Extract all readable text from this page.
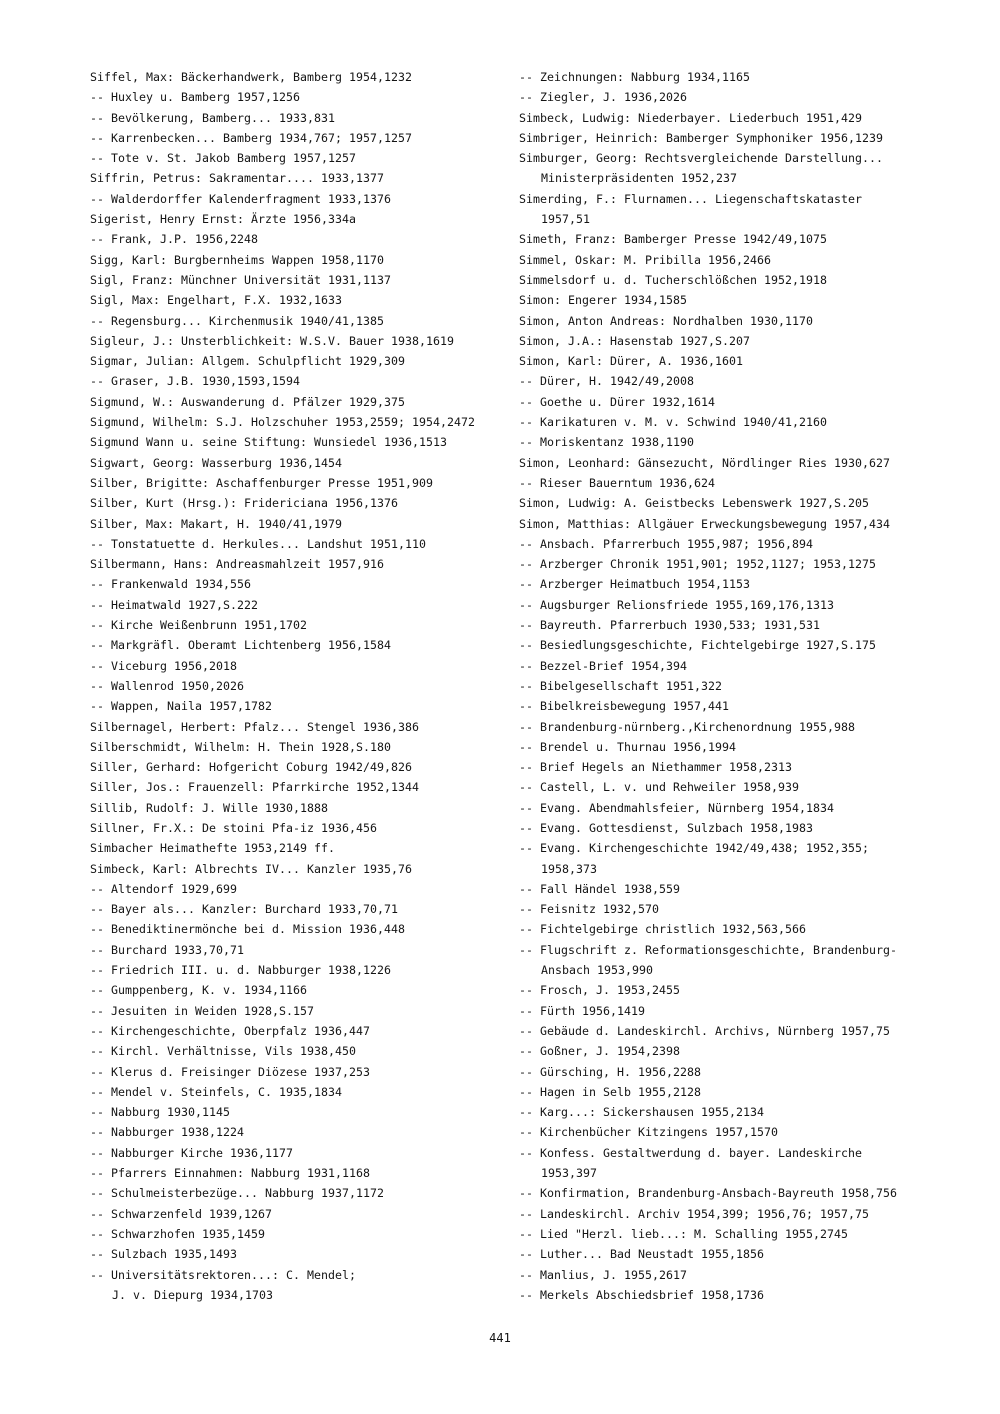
Siffel, Max: Bäckerhandwerk, Bamberg 1954,1232
-- Huxley u. Bamberg 1957,1256
-- Bevölkerung, Bamberg... 1933,831
-- Karrenbecken... Bamberg 1934,767; 1957,1257
-- Tote v. St. Jakob Bamberg 1957,1257
Siffrin, Petrus: Sakramentar.... 1933,1377
-- Walderdorffer Kalenderfragment 1933,1376
Sigerist, Henry Ernst: Ärzte 1956,334a
-- Frank, J.P. 1956,2248
Sigg, Karl: Burgbernheims Wappen 1958,1170
Sigl, Franz: Münchner Universität 1931,1137
Sigl, Max: Engelhart, F.X. 1932,1633
-- Regensburg... Kirchenmusik 1940/41,1385
Sigleur, J.: Unsterblichkeit: W.S.V. Bauer 1938,1619
Sigmar, Julian: Allgem. Schulpflicht 1929,309
-- Graser, J.B. 1930,1593,1594
Sigmund, W.: Auswanderung d. Pfälzer 1929,375
Sigmund, Wilhelm: S.J. Holzschuher 1953,2559; 1954,2472
Sigmund Wann u. seine Stiftung: Wunsiedel 1936,1513
Sigwart, Georg: Wasserburg 1936,1454
Silber, Brigitte: Aschaffenburger Presse 1951,909
Silber, Kurt (Hrsg.): Fridericiana 1956,1376
Silber, Max: Makart, H. 1940/41,1979
-- Tonstatuette d. Herkules... Landshut 1951,110
Silbermann, Hans: Andreasmahlzeit 1957,916
-- Frankenwald 1934,556
-- Heimatwald 1927,S.222
-- Kirche Weißenbrunn 1951,1702
-- Markgräfl. Oberamt Lichtenberg 1956,1584
-- Viceburg 1956,2018
-- Wallenrod 1950,2026
-- Wappen, Naila 1957,1782
Silbernagel, Herbert: Pfalz... Stengel 1936,386
Silberschmidt, Wilhelm: H. Thein 1928,S.180
Siller, Gerhard: Hofgericht Coburg 1942/49,826
Siller, Jos.: Frauenzell: Pfarrkirche 1952,1344
Sillib, Rudolf: J. Wille 1930,1888
Sillner, Fr.X.: De stoini Pfa-iz 1936,456
Simbacher Heimathefte 1953,2149 ff.
Simbeck, Karl: Albrechts IV... Kanzler 1935,76
-- Altendorf 1929,699
-- Bayer als... Kanzler: Burchard 1933,70,71
-- Benediktinermönche bei d. Mission 1936,448
-- Burchard 1933,70,71
-- Friedrich III. u. d. Nabburger 1938,1226
-- Gumppenberg, K. v. 1934,1166
-- Jesuiten in Weiden 1928,S.157
-- Kirchengeschichte, Oberpfalz 1936,447
-- Kirchl. Verhältnisse, Vils 1938,450
-- Klerus d. Freisinger Diözese 1937,253
-- Mendel v. Steinfels, C. 1935,1834
-- Nabburg 1930,1145
-- Nabburger 1938,1224
-- Nabburger Kirche 1936,1177
-- Pfarrers Einnahmen: Nabburg 1931,1168
-- Schulmeisterbezüge... Nabburg 1937,1172
-- Schwarzenfeld 1939,1267
-- Schwarzhofen 1935,1459
-- Sulzbach 1935,1493
-- Universitätsrektoren...: C. Mendel;
J. v. Diepurg 1934,1703
-- Zeichnungen: Nabburg 1934,1165
-- Ziegler, J. 1936,2026
Simbeck, Ludwig: Niederbayer. Liederbuch 1951,429
Simbriger, Heinrich: Bamberger Symphoniker 1956,1239
Simburger, Georg: Rechtsvergleichende Darstellung...
Ministerpräsidenten 1952,237
Simerding, F.: Flurnamen... Liegenschaftskataster
1957,51
Simeth, Franz: Bamberger Presse 1942/49,1075
Simmel, Oskar: M. Pribilla 1956,2466
Simmelsdorf u. d. Tucherschlößchen 1952,1918
Simon: Engerer 1934,1585
Simon, Anton Andreas: Nordhalben 1930,1170
Simon, J.A.: Hasenstab 1927,S.207
Simon, Karl: Dürer, A. 1936,1601
-- Dürer, H. 1942/49,2008
-- Goethe u. Dürer 1932,1614
-- Karikaturen v. M. v. Schwind 1940/41,2160
-- Moriskentanz 1938,1190
Simon, Leonhard: Gänsezucht, Nördlinger Ries 1930,627
-- Rieser Bauerntum 1936,624
Simon, Ludwig: A. Geistbecks Lebenswerk 1927,S.205
Simon, Matthias: Allgäuer Erweckungsbewegung 1957,434
-- Ansbach. Pfarrerbuch 1955,987; 1956,894
-- Arzberger Chronik 1951,901; 1952,1127; 1953,1275
-- Arzberger Heimatbuch 1954,1153
-- Augsburger Relionsfriede 1955,169,176,1313
-- Bayreuth. Pfarrerbuch 1930,533; 1931,531
-- Besiedlungsgeschichte, Fichtelgebirge 1927,S.175
-- Bezzel-Brief 1954,394
-- Bibelgesellschaft 1951,322
-- Bibelkreisbewegung 1957,441
-- Brandenburg-nürnberg.,Kirchenordnung 1955,988
-- Brendel u. Thurnau 1956,1994
-- Brief Hegels an Niethammer 1958,2313
-- Castell, L. v. und Rehweiler 1958,939
-- Evang. Abendmahlsfeier, Nürnberg 1954,1834
-- Evang. Gottesdienst, Sulzbach 1958,1983
-- Evang. Kirchengeschichte 1942/49,438; 1952,355;
1958,373
-- Fall Händel 1938,559
-- Feisnitz 1932,570
-- Fichtelgebirge christlich 1932,563,566
-- Flugschrift z. Reformationsgeschichte, Brandenburg-
Ansbach 1953,990
-- Frosch, J. 1953,2455
-- Fürth 1956,1419
-- Gebäude d. Landeskirchl. Archivs, Nürnberg 1957,75
-- Goßner, J. 1954,2398
-- Gürsching, H. 1956,2288
-- Hagen in Selb 1955,2128
-- Karg...: Sickershausen 1955,2134
-- Kirchenbücher Kitzingens 1957,1570
-- Konfess. Gestaltwerdung d. bayer. Landeskirche
1953,397
-- Konfirmation, Brandenburg-Ansbach-Bayreuth 1958,756
-- Landeskirchl. Archiv 1954,399; 1956,76; 1957,75
-- Lied "Herzl. lieb...: M. Schalling 1955,2745
-- Luther... Bad Neustadt 1955,1856
-- Manlius, J. 1955,2617
-- Merkels Abschiedsbrief 1958,1736
441
